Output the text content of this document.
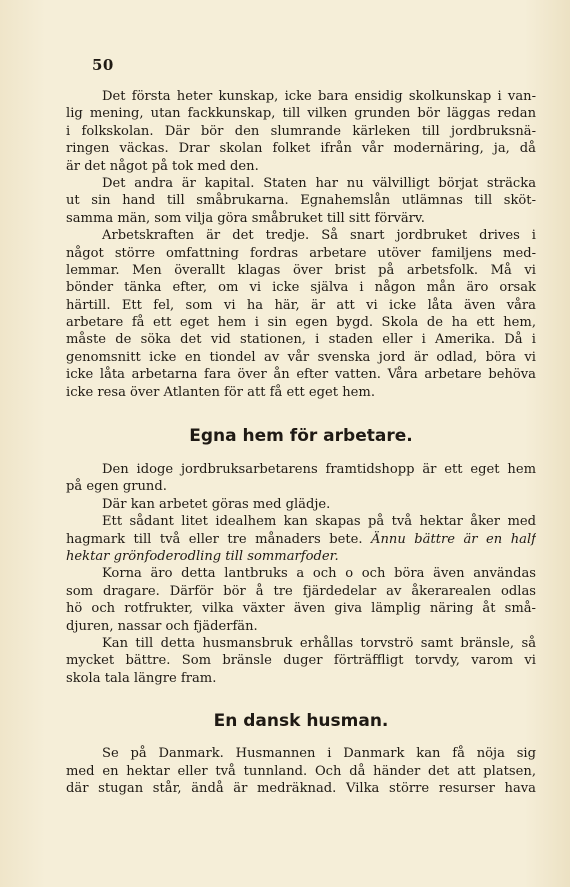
50
Det första heter kunskap, icke bara ensidig skolkunskap i van-
lig mening, utan fackkunskap, till vilken grunden bör läggas redan
i folkskolan. Där bör den slumrande kärleken till jordbruksnä-
ringen väckas. Drar skolan folket ifrån vår modernäring, ja, då
är det något på tok med den.
Det andra är kapital. Staten har nu välvilligt börjat sträcka
ut sin hand till småbrukarna. Egnahemslån utlämnas till sköt-
samma män, som vilja göra småbruket till sitt förvärv.
Arbetskraften är det tredje. Så snart jordbruket drives i
något större omfattning fordras arbetare utöver familjens med-
lemmar. Men överallt klagas över brist på arbetsfolk. Må vi
bönder tänka efter, om vi icke själva i någon mån äro orsak
härtill. Ett fel, som vi ha här, är att vi icke låta även våra
arbetare få ett eget hem i sin egen bygd. Skola de ha ett hem,
måste de söka det vid stationen, i staden eller i Amerika. Då i
genomsnitt icke en tiondel av vår svenska jord är odlad, böra vi
icke låta arbetarna fara över ån efter vatten. Våra arbetare behöva
icke resa över Atlanten för att få ett eget hem.
Egna hem för arbetare.
Den idoge jordbruksarbetarens framtidshopp är ett eget hem
på egen grund.
Där kan arbetet göras med glädje.
Ett sådant litet idealhem kan skapas på två hektar åker med
hagmark till två eller tre månaders bete. Ännu bättre är en half
hektar grönfoderodling till sommarfoder.
Korna äro detta lantbruks a och o och böra även användas
som dragare. Därför bör å tre fjärdedelar av åkerarealen odlas
hö och rotfrukter, vilka växter även giva lämplig näring åt små-
djuren, nassar och fjäderfän.
Kan till detta husmansbruk erhållas torvströ samt bränsle, så
mycket bättre. Som bränsle duger förträffligt torvdy, varom vi
skola tala längre fram.
En dansk husman.
Se på Danmark. Husmannen i Danmark kan få nöja sig
med en hektar eller två tunnland. Och då händer det att platsen,
där stugan står, ändå är medräknad. Vilka större resurser hava
